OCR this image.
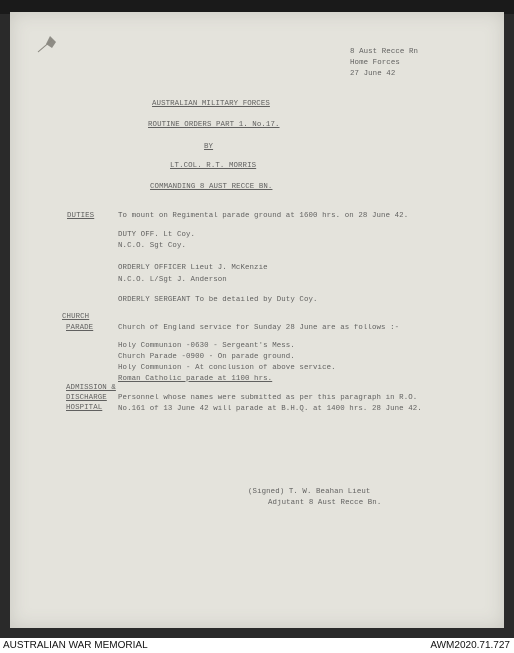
8 Aust Recce Rn
Home Forces
27 June 42
AUSTRALIAN MILITARY FORCES
ROUTINE ORDERS PART 1. No.17.
BY
LT.COL. R.T. MORRIS
COMMANDING 8 AUST RECCE BN.
DUTIES	To mount on Regimental parade ground at 1600 hrs. on 28 June 42.
DUTY OFF. Lt Coy.
N.C.O. Sgt Coy.
ORDERLY OFFICER Lieut J. McKenzie
N.C.O. L/Sgt J. Anderson
ORDERLY SERGEANT To be detailed by Duty Coy.
CHURCH
PARADE	Church of England service for Sunday 28 June are as follows :-
Holy Communion -0630 - Sergeant's Mess.
Church Parade -0900 - On parade ground.
Holy Communion - At conclusion of above service.
Roman Catholic parade at 1100 hrs.
ADMISSION &
DISCHARGE
HOSPITAL
Personnel whose names were submitted as per this paragraph in R.O.
No.161 of 13 June 42 will parade at B.H.Q. at 1400 hrs. 28 June 42.
(Signed) T. W. Beahan Lieut
Adjutant 8 Aust Recce Bn.
AUSTRALIAN WAR MEMORIAL	AWM2020.71.727
